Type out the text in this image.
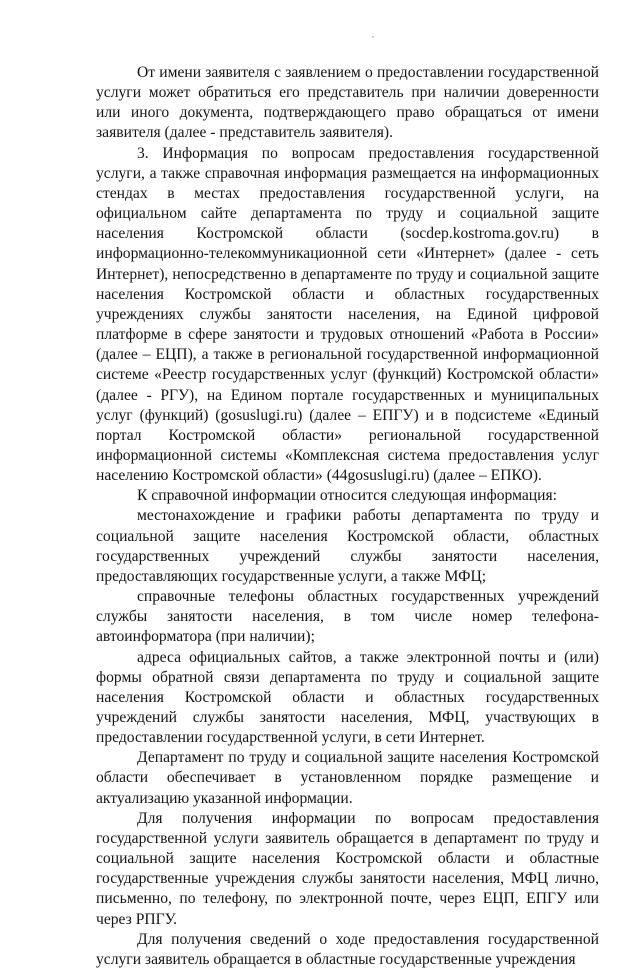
От имени заявителя с заявлением о предоставлении государственной услуги может обратиться его представитель при наличии доверенности или иного документа, подтверждающего право обращаться от имени заявителя (далее - представитель заявителя).

3. Информация по вопросам предоставления государственной услуги, а также справочная информация размещается на информационных стендах в местах предоставления государственной услуги, на официальном сайте департамента по труду и социальной защите населения Костромской области (socdep.kostroma.gov.ru) в информационно-телекоммуникационной сети «Интернет» (далее - сеть Интернет), непосредственно в департаменте по труду и социальной защите населения Костромской области и областных государственных учреждениях службы занятости населения, на Единой цифровой платформе в сфере занятости и трудовых отношений «Работа в России» (далее – ЕЦП), а также в региональной государственной информационной системе «Реестр государственных услуг (функций) Костромской области» (далее - РГУ), на Едином портале государственных и муниципальных услуг (функций) (gosuslugi.ru) (далее – ЕПГУ) и в подсистеме «Единый портал Костромской области» региональной государственной информационной системы «Комплексная система предоставления услуг населению Костромской области» (44gosuslugi.ru) (далее – ЕПКО).

К справочной информации относится следующая информация:

местонахождение и графики работы департамента по труду и социальной защите населения Костромской области, областных государственных учреждений службы занятости населения, предоставляющих государственные услуги, а также МФЦ;

справочные телефоны областных государственных учреждений службы занятости населения, в том числе номер телефона-автоинформатора (при наличии);

адреса официальных сайтов, а также электронной почты и (или) формы обратной связи департамента по труду и социальной защите населения Костромской области и областных государственных учреждений службы занятости населения, МФЦ, участвующих в предоставлении государственной услуги, в сети Интернет.

Департамент по труду и социальной защите населения Костромской области обеспечивает в установленном порядке размещение и актуализацию указанной информации.

Для получения информации по вопросам предоставления государственной услуги заявитель обращается в департамент по труду и социальной защите населения Костромской области и областные государственные учреждения службы занятости населения, МФЦ лично, письменно, по телефону, по электронной почте, через ЕЦП, ЕПГУ или через РПГУ.

Для получения сведений о ходе предоставления государственной услуги заявитель обращается в областные государственные учреждения
